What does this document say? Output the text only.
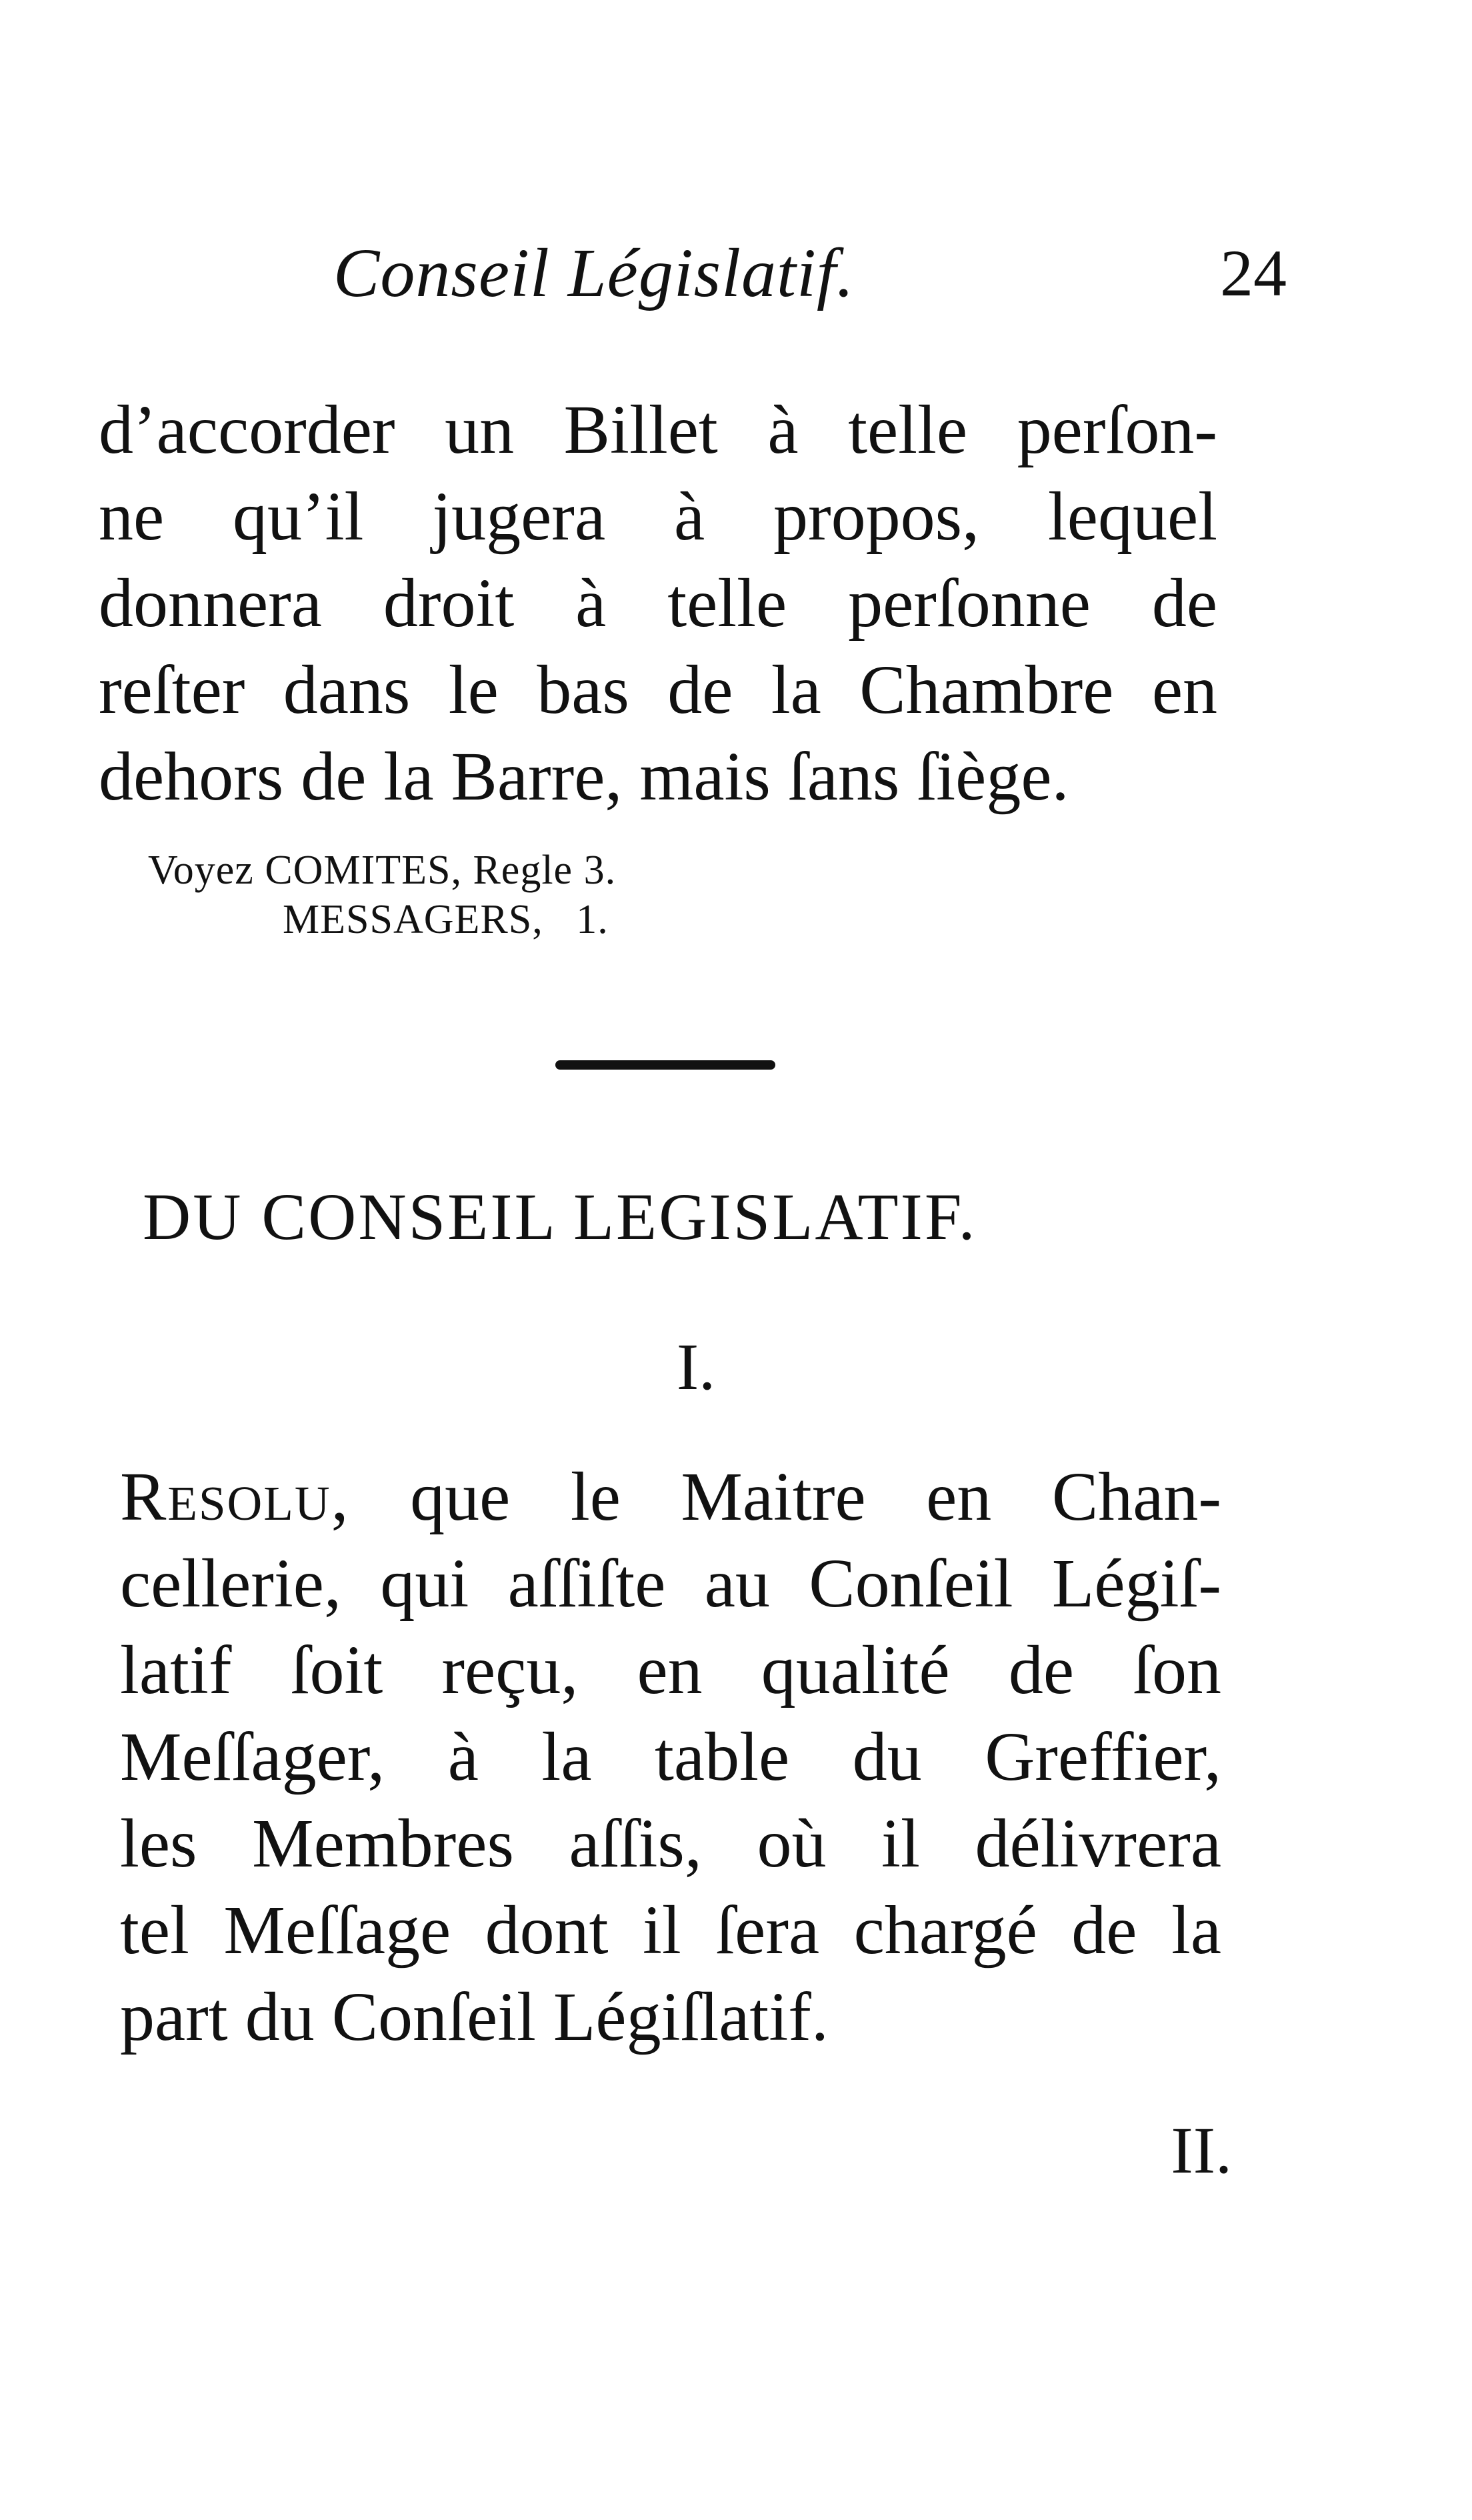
Conseil Législatif.	24

d’accorder un Billet à telle perſon-
ne qu’il jugera à propos, lequel
donnera droit à telle perſonne de
reſter dans le bas de la Chambre en
dehors de la Barre, mais ſans ſiège.

Voyez COMITES, Regle 3.
MESSAGERS,   1.
DU CONSEIL LEGISLATIF.
I.

Resolu, que le Maitre en Chan-
cellerie, qui aſſiſte au Conſeil Légiſ-
latif ſoit reçu, en qualité de ſon
Meſſager, à la table du Greffier,
les Membres aſſis, où il délivrera
tel Meſſage dont il ſera chargé de la
part du Conſeil Légiſlatif.

II.
